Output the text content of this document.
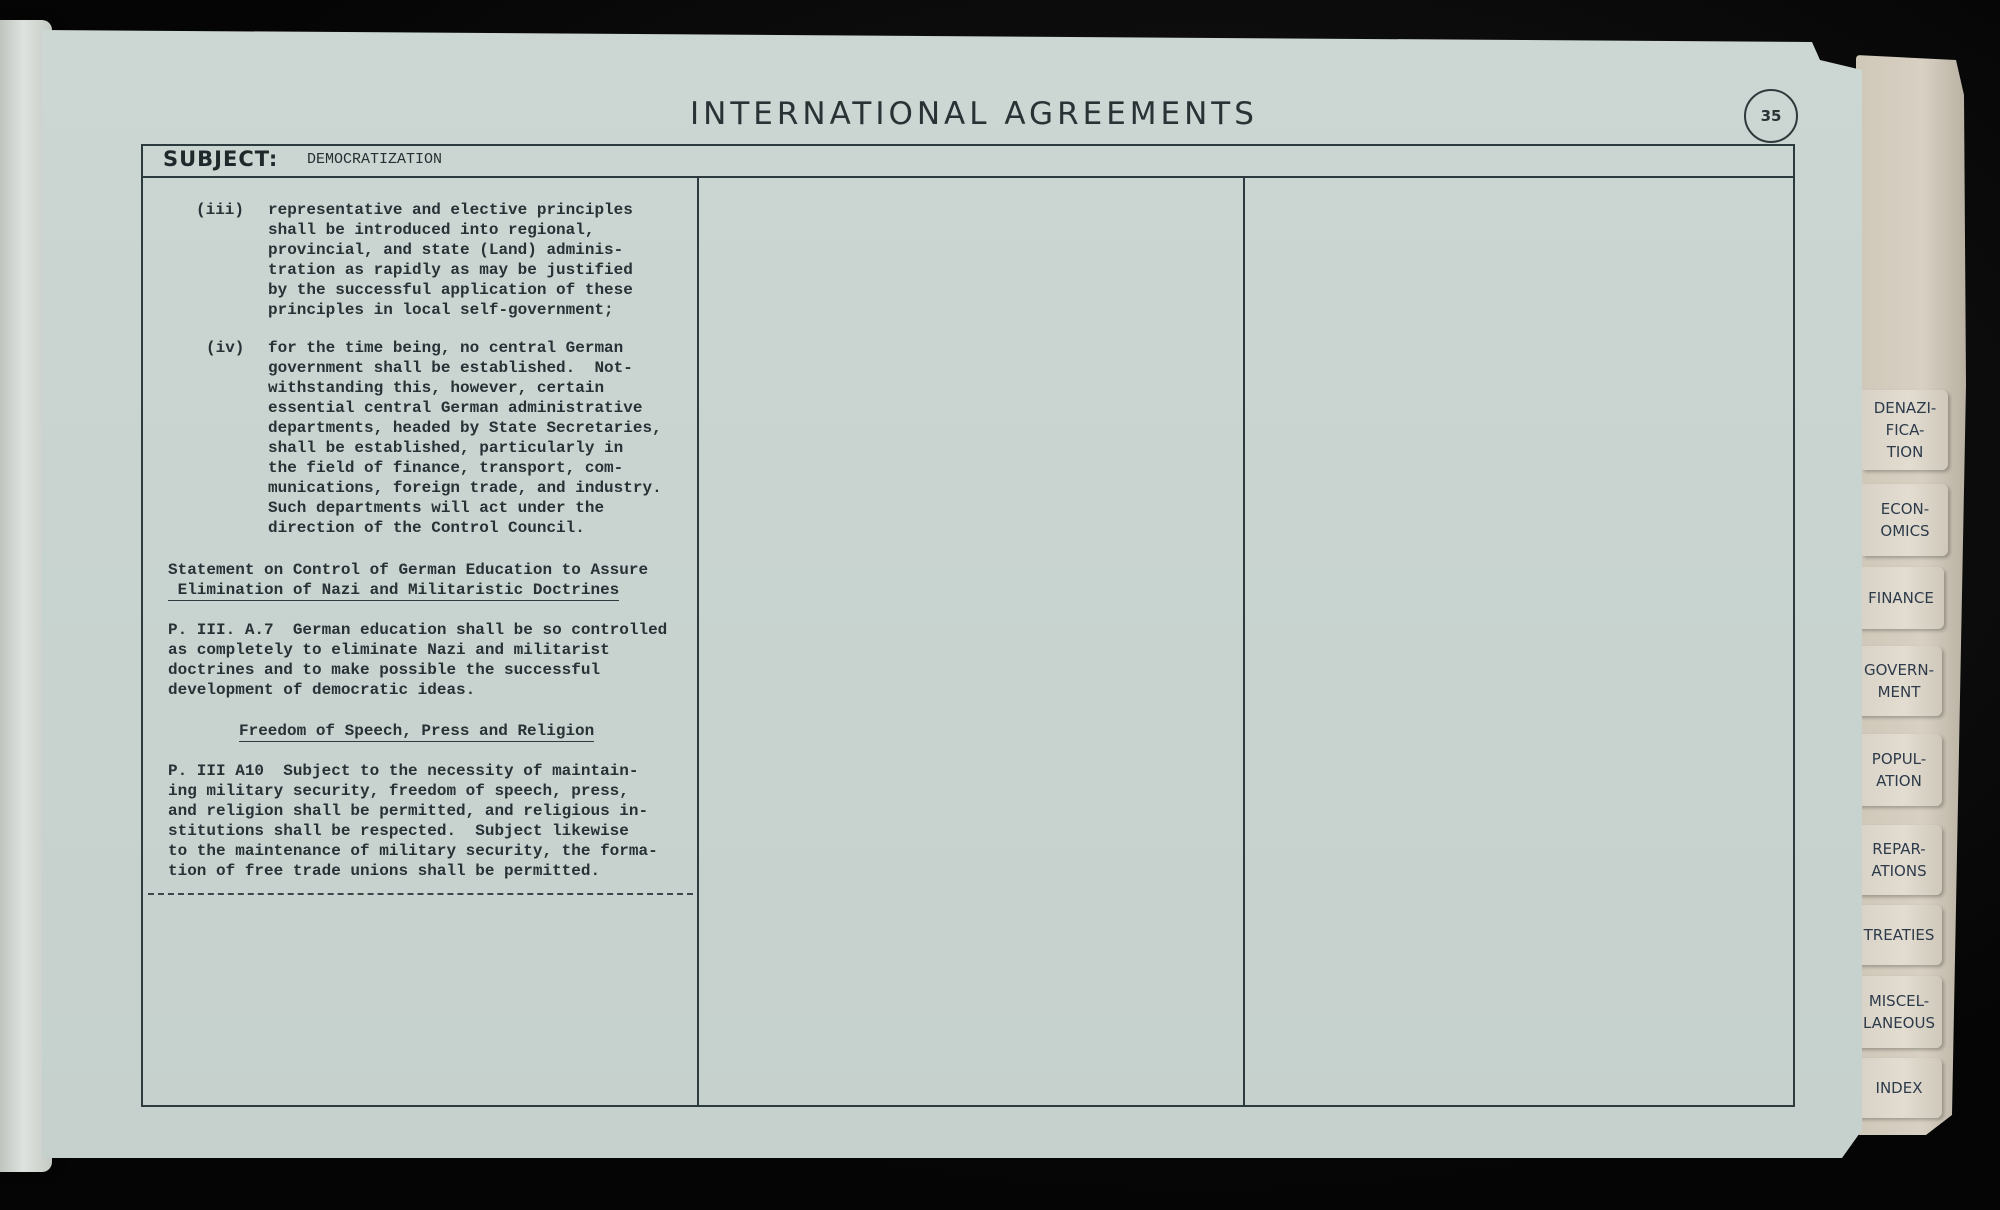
DENAZI-
FICA-
TION
ECON-
OMICS
FINANCE
GOVERN-
MENT
POPUL-
ATION
REPAR-
ATIONS
TREATIES
MISCEL-
LANEOUS
INDEX
INTERNATIONAL AGREEMENTS	35
SUBJECT: DEMOCRATIZATION
(iii) representative and elective principles
shall be introduced into regional,
provincial, and state (Land) adminis-
tration as rapidly as may be justified
by the successful application of these
principles in local self-government;
(iv) for the time being, no central German
government shall be established.  Not-
withstanding this, however, certain
essential central German administrative
departments, headed by State Secretaries,
shall be established, particularly in
the field of finance, transport, com-
munications, foreign trade, and industry.
Such departments will act under the
direction of the Control Council.
Statement on Control of German Education to Assure
Elimination of Nazi and Militaristic Doctrines
P. III. A.7  German education shall be so controlled
as completely to eliminate Nazi and militarist
doctrines and to make possible the successful
development of democratic ideas.
Freedom of Speech, Press and Religion
P. III A10  Subject to the necessity of maintain-
ing military security, freedom of speech, press,
and religion shall be permitted, and religious in-
stitutions shall be respected.  Subject likewise
to the maintenance of military security, the forma-
tion of free trade unions shall be permitted.
